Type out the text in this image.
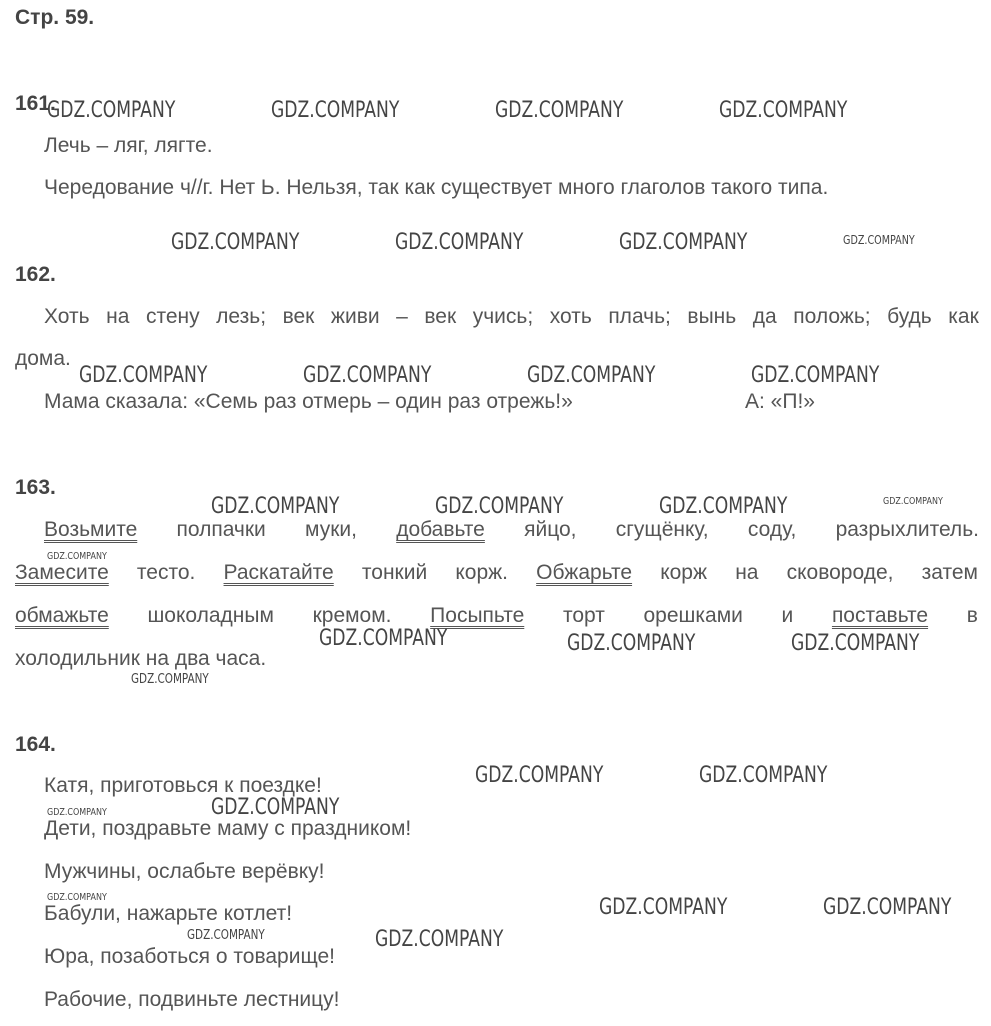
Стр. 59.
161.
Лечь – ляг, лягте.
Чередование ч//г. Нет Ь. Нельзя, так как существует много глаголов такого типа.
162.
Хоть на стену лезь; век живи – век учись; хоть плачь; вынь да положь; будь как
дома.
Мама сказала: «Семь раз отмерь – один раз отрежь!»	А: «П!»
163.
Возьмите полпачки муки, добавьте яйцо, сгущёнку, соду, разрыхлитель.
Замесите тесто. Раскатайте тонкий корж. Обжарьте корж на сковороде, затем
обмажьте шоколадным кремом. Посыпьте торт орешками и поставьте в
холодильник на два часа.
164.
Катя, приготовься к поездке!
Дети, поздравьте маму с праздником!
Мужчины, ослабьте верёвку!
Бабули, нажарьте котлет!
Юра, позаботься о товарище!
Рабочие, подвиньте лестницу!
GDZ.COMPANY	GDZ.COMPANY	GDZ.COMPANY	GDZ.COMPANY
GDZ.COMPANY	GDZ.COMPANY	GDZ.COMPANY	GDZ.COMPANY
GDZ.COMPANY	GDZ.COMPANY	GDZ.COMPANY	GDZ.COMPANY
GDZ.COMPANY	GDZ.COMPANY	GDZ.COMPANY	GDZ.COMPANY
GDZ.COMPANY
GDZ.COMPANY	GDZ.COMPANY	GDZ.COMPANY
GDZ.COMPANY
GDZ.COMPANY	GDZ.COMPANY
GDZ.COMPANY
GDZ.COMPANY
GDZ.COMPANY	GDZ.COMPANY	GDZ.COMPANY
GDZ.COMPANY	GDZ.COMPANY
